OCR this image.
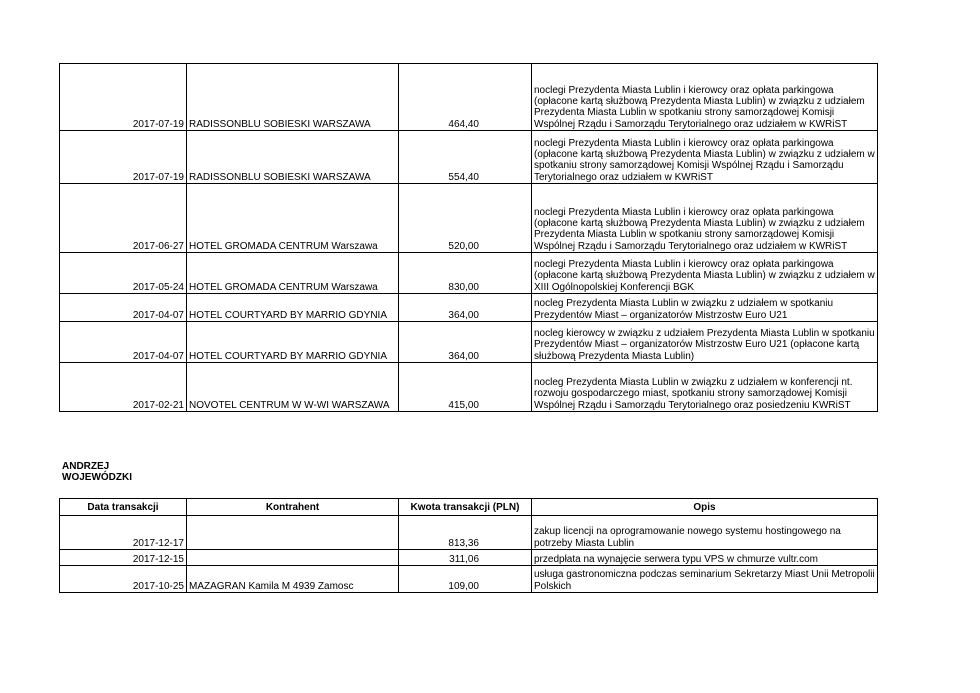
2017-07-19	RADISSONBLU SOBIESKI WARSZAWA	464,40	noclegi Prezydenta Miasta Lublin i kierowcy oraz opłata parkingowa (opłacone kartą służbową Prezydenta Miasta Lublin) w związku z udziałem Prezydenta Miasta Lublin w spotkaniu strony samorządowej Komisji Wspólnej Rządu i Samorządu Terytorialnego oraz udziałem w KWRiST
2017-07-19	RADISSONBLU SOBIESKI WARSZAWA	554,40	noclegi Prezydenta Miasta Lublin i kierowcy oraz opłata parkingowa (opłacone kartą służbową Prezydenta Miasta Lublin) w związku z udziałem w spotkaniu strony samorządowej Komisji Wspólnej Rządu i Samorządu Terytorialnego oraz udziałem w KWRiST
2017-06-27	HOTEL GROMADA CENTRUM Warszawa	520,00	noclegi Prezydenta Miasta Lublin i kierowcy oraz opłata parkingowa (opłacone kartą służbową Prezydenta Miasta Lublin) w związku z udziałem Prezydenta Miasta Lublin w spotkaniu strony samorządowej Komisji Wspólnej Rządu i Samorządu Terytorialnego oraz udziałem w KWRiST
2017-05-24	HOTEL GROMADA CENTRUM Warszawa	830,00	noclegi Prezydenta Miasta Lublin i kierowcy oraz opłata parkingowa (opłacone kartą służbową Prezydenta Miasta Lublin) w związku z udziałem w XIII Ogólnopolskiej Konferencji BGK
2017-04-07	HOTEL COURTYARD BY MARRIO GDYNIA	364,00	nocleg Prezydenta Miasta Lublin w związku z udziałem w spotkaniu Prezydentów Miast – organizatorów Mistrzostw Euro U21
2017-04-07	HOTEL COURTYARD BY MARRIO GDYNIA	364,00	nocleg kierowcy w związku z udziałem Prezydenta Miasta Lublin w spotkaniu Prezydentów Miast – organizatorów Mistrzostw Euro U21 (opłacone kartą służbową Prezydenta Miasta Lublin)
2017-02-21	NOVOTEL CENTRUM W W-WI WARSZAWA	415,00	nocleg Prezydenta Miasta Lublin w związku z udziałem w konferencji nt. rozwoju gospodarczego miast, spotkaniu strony samorządowej Komisji Wspólnej Rządu i Samorządu Terytorialnego oraz posiedzeniu KWRiST
ANDRZEJ
WOJEWÓDZKI
Data transakcji	Kontrahent	Kwota transakcji (PLN)	Opis
2017-12-17		813,36	zakup licencji na oprogramowanie nowego systemu hostingowego na potrzeby Miasta Lublin
2017-12-15		311,06	przedpłata na wynajęcie serwera typu VPS w chmurze vultr.com
2017-10-25	MAZAGRAN Kamila M 4939 Zamosc	109,00	usługa gastronomiczna podczas seminarium Sekretarzy Miast Unii Metropolii Polskich
